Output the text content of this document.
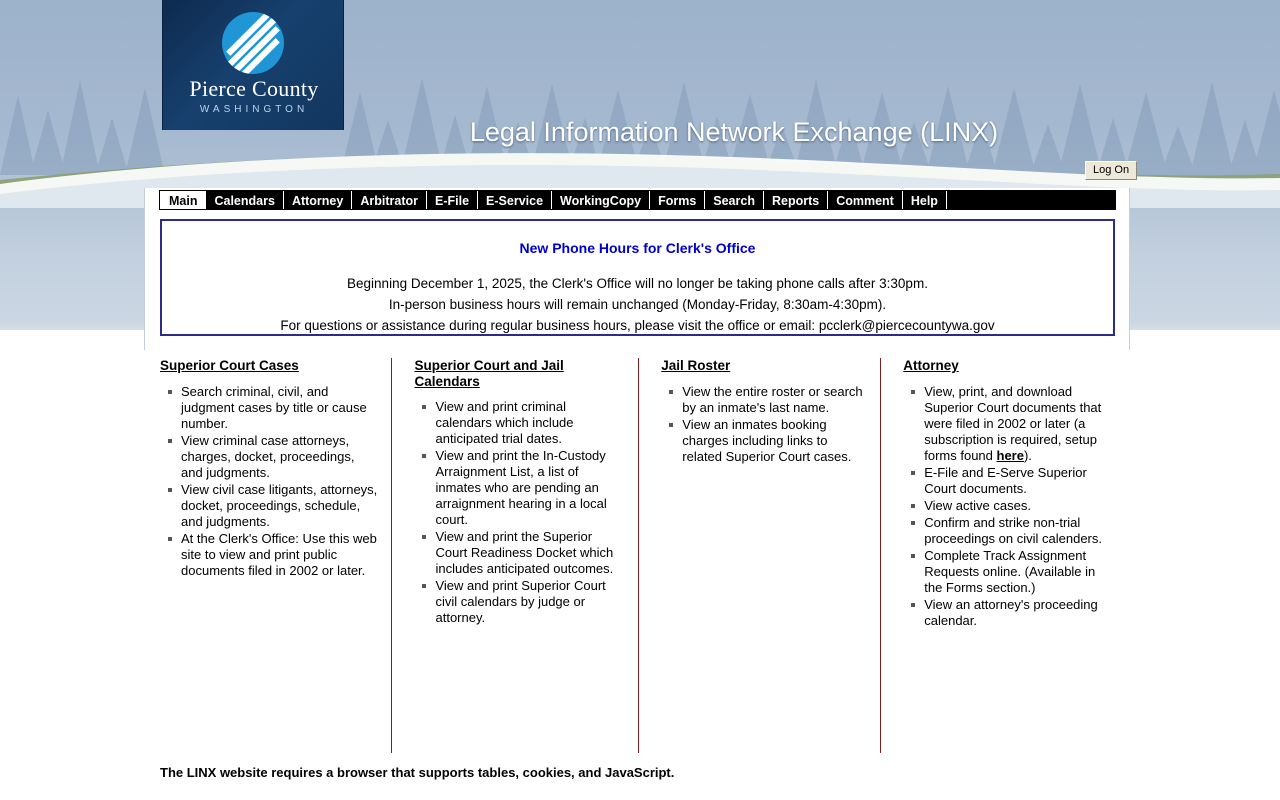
Pierce County
WASHINGTON
Legal Information Network Exchange (LINX)
Log On
Main	Calendars	Attorney	Arbitrator	E-File	E-Service	WorkingCopy	Forms	Search	Reports	Comment	Help
New Phone Hours for Clerk's Office
Beginning December 1, 2025, the Clerk's Office will no longer be taking phone calls after 3:30pm.
In-person business hours will remain unchanged (Monday-Friday, 8:30am-4:30pm).
For questions or assistance during regular business hours, please visit the office or email: pcclerk@piercecountywa.gov
Superior Court Cases
Search criminal, civil, and judgment cases by title or cause number.
View criminal case attorneys, charges, docket, proceedings, and judgments.
View civil case litigants, attorneys, docket, proceedings, schedule, and judgments.
At the Clerk's Office: Use this web site to view and print public documents filed in 2002 or later.
Superior Court and Jail Calendars
View and print criminal calendars which include anticipated trial dates.
View and print the In-Custody Arraignment List, a list of inmates who are pending an arraignment hearing in a local court.
View and print the Superior Court Readiness Docket which includes anticipated outcomes.
View and print Superior Court civil calendars by judge or attorney.
Jail Roster
View the entire roster or search by an inmate's last name.
View an inmates booking charges including links to related Superior Court cases.
Attorney
View, print, and download Superior Court documents that were filed in 2002 or later (a subscription is required, setup forms found here).
E-File and E-Serve Superior Court documents.
View active cases.
Confirm and strike non-trial proceedings on civil calenders.
Complete Track Assignment Requests online. (Available in the Forms section.)
View an attorney's proceeding calendar.
The LINX website requires a browser that supports tables, cookies, and JavaScript.
